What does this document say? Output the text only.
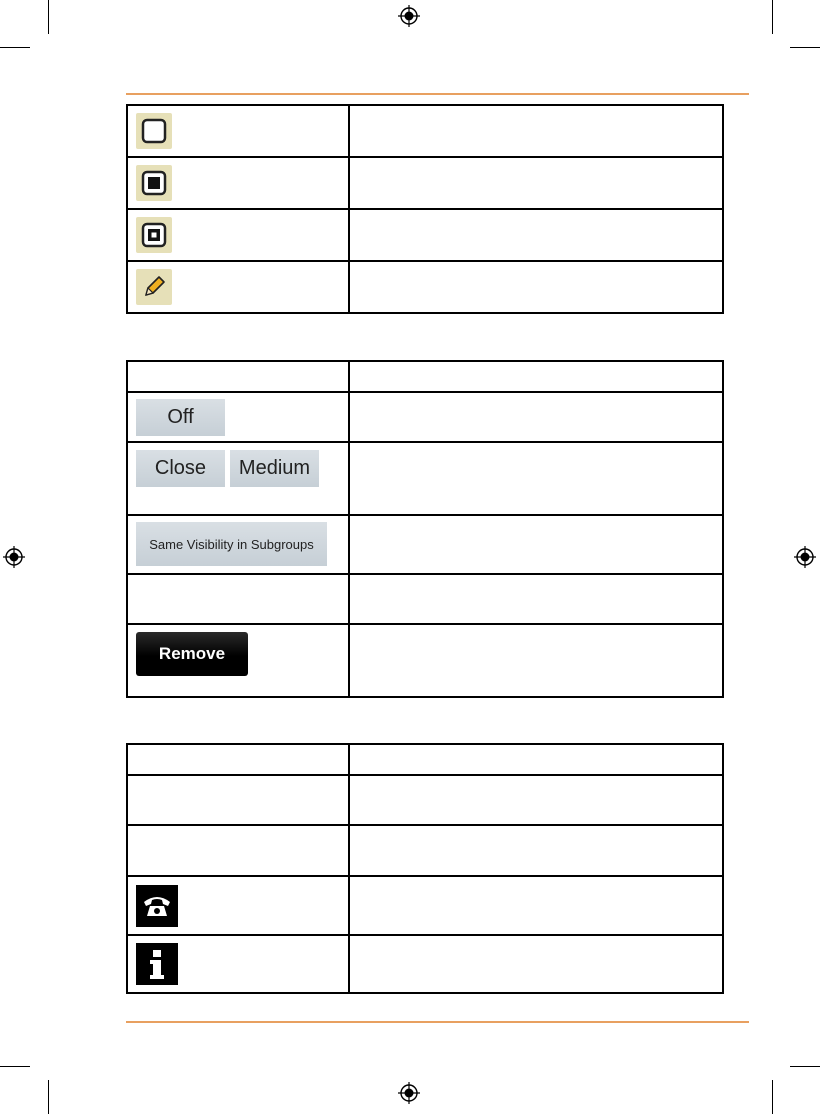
Off	

Close Medium	

Same Visibility in Subgroups	

Remove	
